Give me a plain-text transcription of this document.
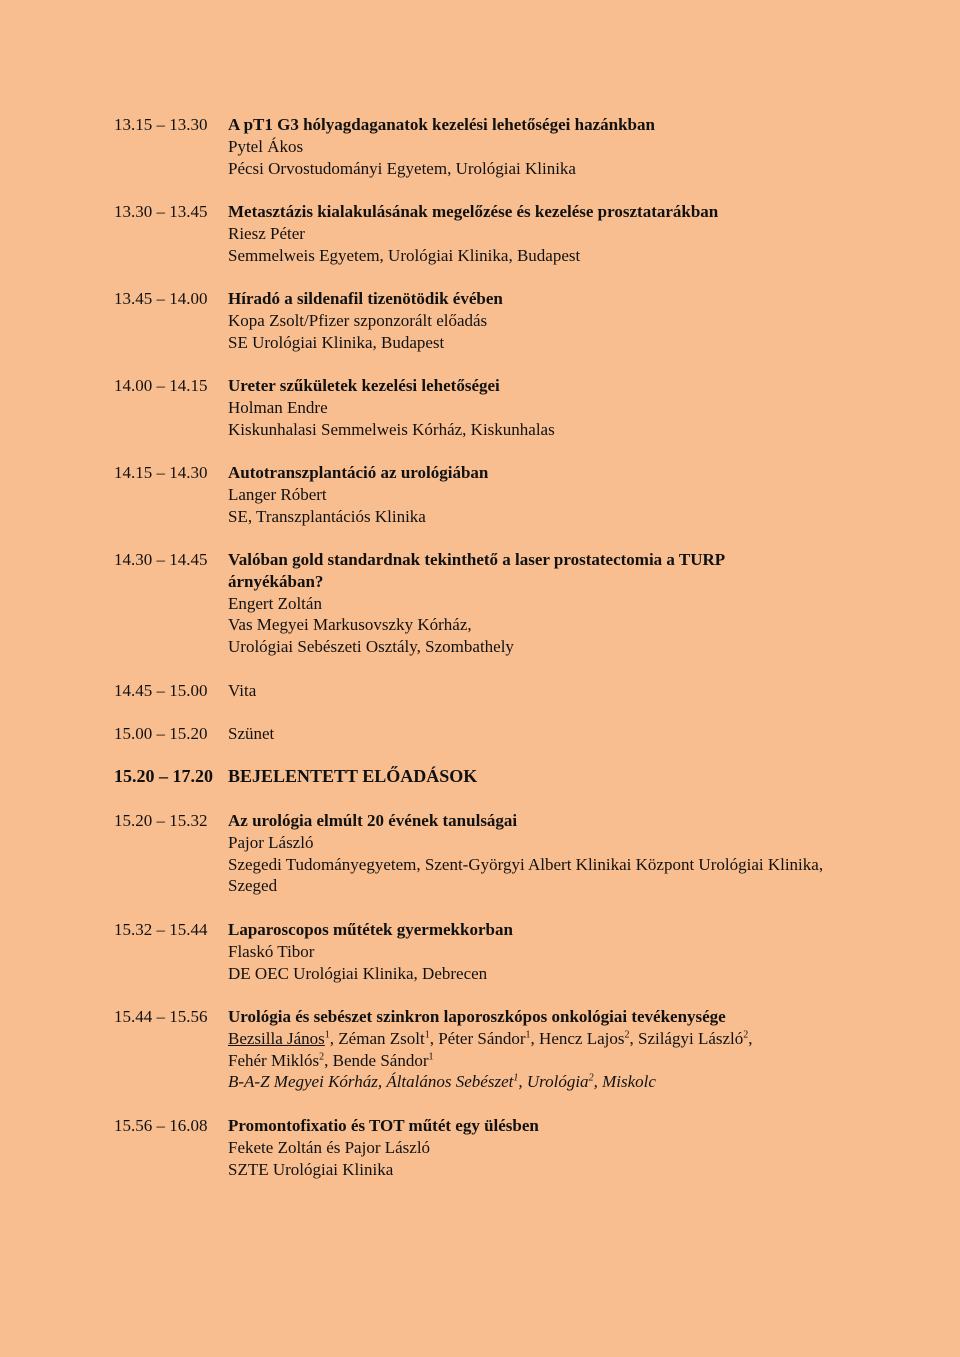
13.15 – 13.30	A pT1 G3 hólyagdaganatok kezelési lehetőségei hazánkban
Pytel Ákos
Pécsi Orvostudományi Egyetem, Urológiai Klinika
13.30 – 13.45	Metasztázis kialakulásának megelőzése és kezelése prosztatarákban
Riesz Péter
Semmelweis Egyetem, Urológiai Klinika, Budapest
13.45 – 14.00	Híradó a sildenafil tizenötödik évében
Kopa Zsolt/Pfizer szponzorált előadás
SE Urológiai Klinika, Budapest
14.00 – 14.15	Ureter szűkületek kezelési lehetőségei
Holman Endre
Kiskunhalasi Semmelweis Kórház, Kiskunhalas
14.15 – 14.30	Autotranszplantáció az urológiában
Langer Róbert
SE, Transzplantációs Klinika
14.30 – 14.45	Valóban gold standardnak tekinthető a laser prostatectomia a TURP árnyékában?
Engert Zoltán
Vas Megyei Markusovszky Kórház,
Urológiai Sebészeti Osztály, Szombathely
14.45 – 15.00	Vita
15.00 – 15.20	Szünet
15.20 – 17.20 BEJELENTETT ELŐADÁSOK
15.20 – 15.32	Az urológia elmúlt 20 évének tanulságai
Pajor László
Szegedi Tudományegyetem, Szent-Györgyi Albert Klinikai Központ Urológiai Klinika, Szeged
15.32 – 15.44	Laparoscopos műtétek gyermekkorban
Flaskó Tibor
DE OEC Urológiai Klinika, Debrecen
15.44 – 15.56	Urológia és sebészet szinkron laporoszkópos onkológiai tevékenysége
Bezsilla János$^1$, Zéman Zsolt$^1$, Péter Sándor$^1$, Hencz Lajos$^2$, Szilágyi László$^2$,
Fehér Miklós$^2$, Bende Sándor$^1$
B-A-Z Megyei Kórház, Általános Sebészet$^1$, Urológia$^2$, Miskolc
15.56 – 16.08	Promontofixatio és TOT műtét egy ülésben
Fekete Zoltán és Pajor László
SZTE Urológiai Klinika
